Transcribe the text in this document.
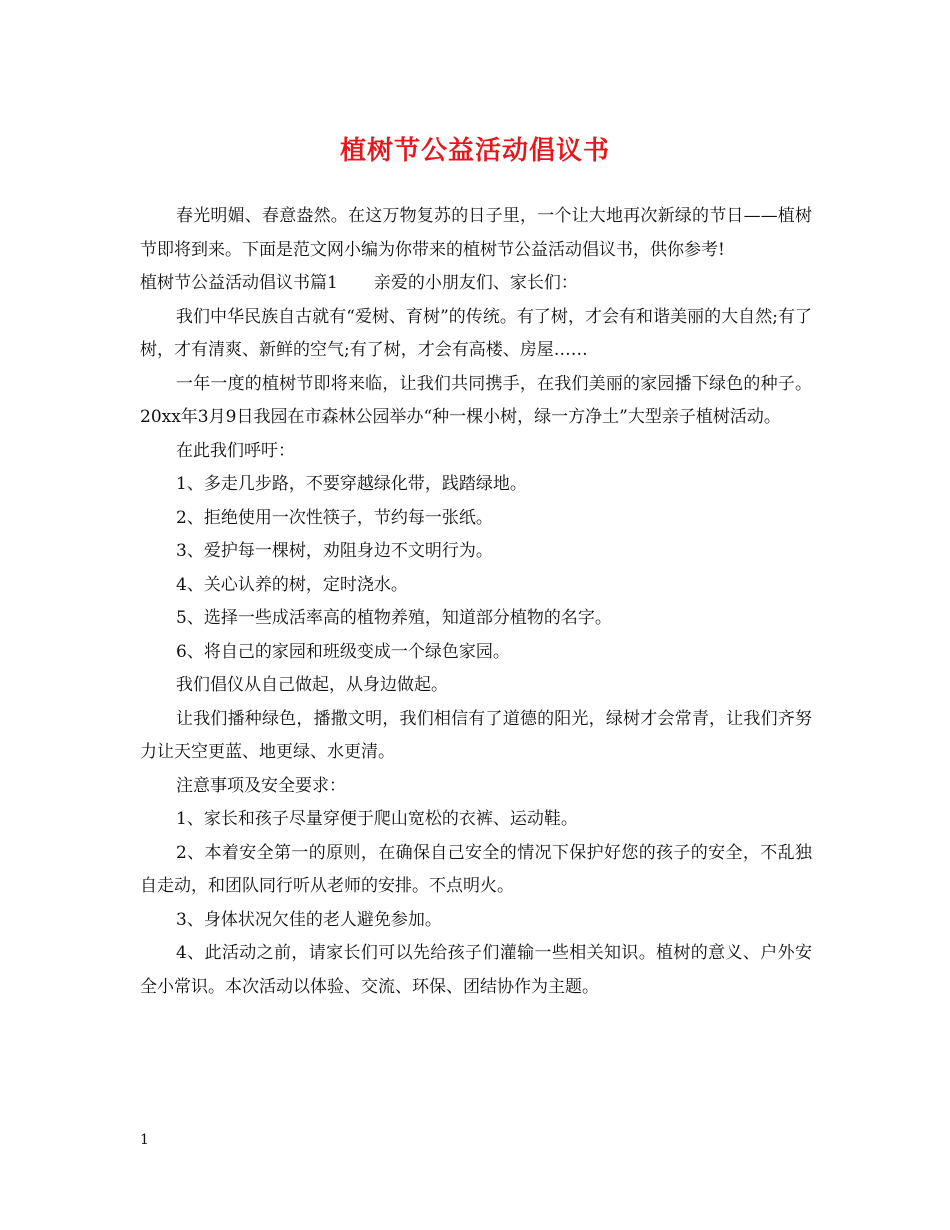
植树节公益活动倡议书

春光明媚、春意盎然。在这万物复苏的日子里，一个让大地再次新绿的节日——植树节即将到来。下面是范文网小编为你带来的植树节公益活动倡议书，供你参考!

植树节公益活动倡议书篇1 亲爱的小朋友们、家长们：

我们中华民族自古就有“爱树、育树”的传统。有了树，才会有和谐美丽的大自然;有了树，才有清爽、新鲜的空气;有了树，才会有高楼、房屋……

一年一度的植树节即将来临，让我们共同携手，在我们美丽的家园播下绿色的种子。20xx年3月9日我园在市森林公园举办“种一棵小树，绿一方净土”大型亲子植树活动。

在此我们呼吁：

1、多走几步路，不要穿越绿化带，践踏绿地。

2、拒绝使用一次性筷子，节约每一张纸。

3、爱护每一棵树，劝阻身边不文明行为。

4、关心认养的树，定时浇水。

5、选择一些成活率高的植物养殖，知道部分植物的名字。

6、将自己的家园和班级变成一个绿色家园。

我们倡仪从自己做起，从身边做起。

让我们播种绿色，播撒文明，我们相信有了道德的阳光，绿树才会常青，让我们齐努力让天空更蓝、地更绿、水更清。

注意事项及安全要求：

1、家长和孩子尽量穿便于爬山宽松的衣裤、运动鞋。

2、本着安全第一的原则，在确保自己安全的情况下保护好您的孩子的安全，不乱独自走动，和团队同行听从老师的安排。不点明火。

3、身体状况欠佳的老人避免参加。

4、此活动之前，请家长们可以先给孩子们灌输一些相关知识。植树的意义、户外安全小常识。本次活动以体验、交流、环保、团结协作为主题。

1
